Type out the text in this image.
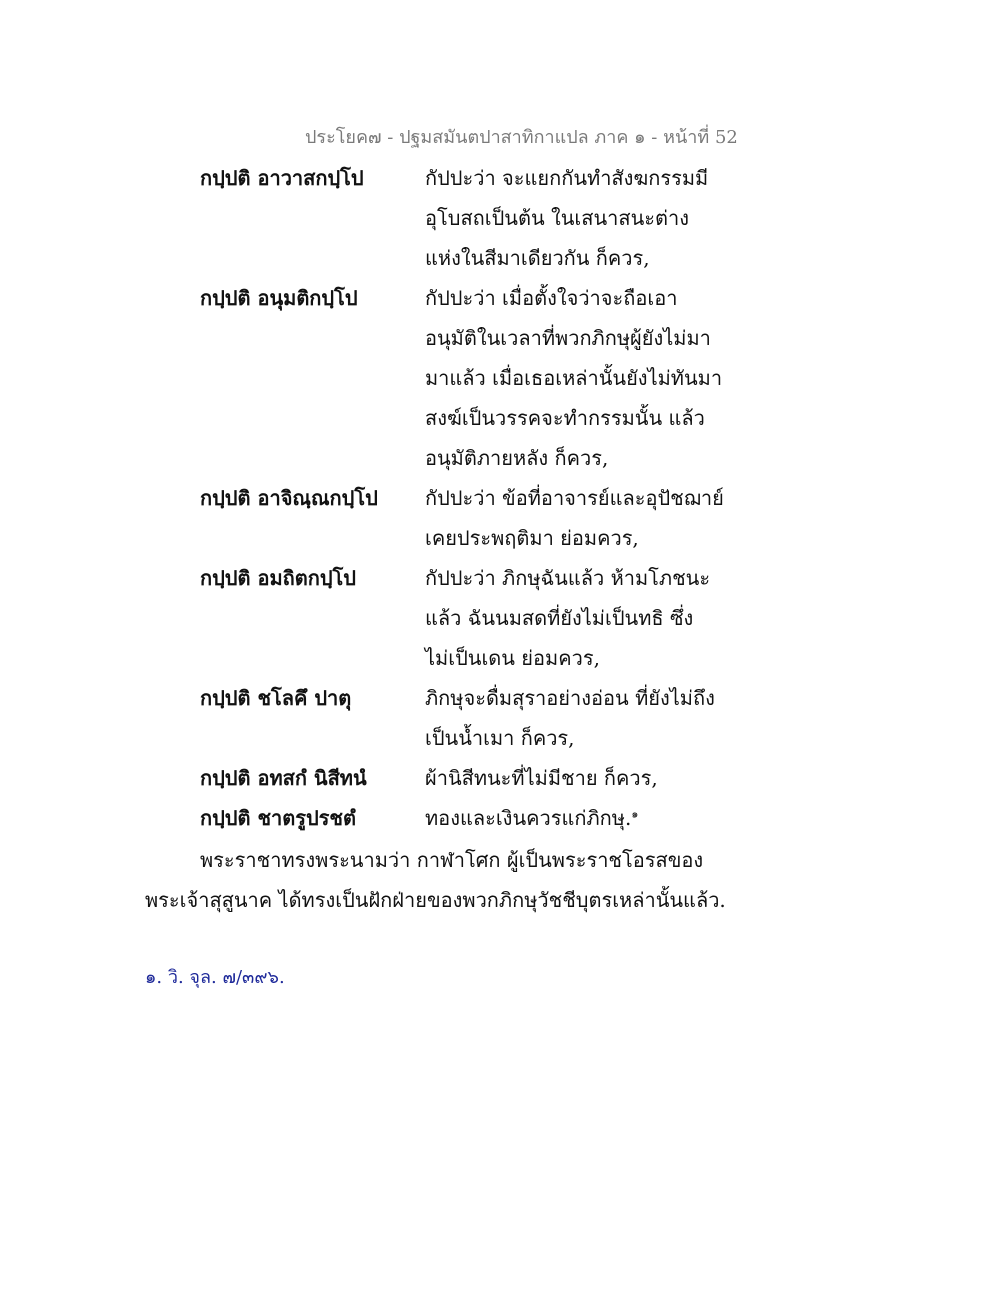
ประโยค๗ - ปฐมสมันตปาสาทิกาแปล ภาค ๑ - หน้าที่ 52
กปฺปติ อาวาสกปฺโป	กัปปะว่า จะแยกกันทำสังฆกรรมมี
อุโบสถเป็นต้น ในเสนาสนะต่าง
แห่งในสีมาเดียวกัน ก็ควร,
กปฺปติ อนุมติกปฺโป	กัปปะว่า เมื่อตั้งใจว่าจะถือเอา
อนุมัติในเวลาที่พวกภิกษุผู้ยังไม่มา
มาแล้ว เมื่อเธอเหล่านั้นยังไม่ทันมา
สงฆ์เป็นวรรคจะทำกรรมนั้น แล้ว
อนุมัติภายหลัง ก็ควร,
กปฺปติ อาจิณฺณกปฺโป กัปปะว่า ข้อที่อาจารย์และอุปัชฌาย์
เคยประพฤติมา ย่อมควร,
กปฺปติ อมถิตกปฺโป	กัปปะว่า ภิกษุฉันแล้ว ห้ามโภชนะ
แล้ว ฉันนมสดที่ยังไม่เป็นทธิ ซึ่ง
ไม่เป็นเดน ย่อมควร,
กปฺปติ ชโลคึ ปาตุ	ภิกษุจะดื่มสุราอย่างอ่อน ที่ยังไม่ถึง
เป็นน้ำเมา ก็ควร,
กปฺปติ อทสกํ นิสีทนํ	ผ้านิสีทนะที่ไม่มีชาย ก็ควร,
กปฺปติ ชาตรูปรชตํ	ทองและเงินควรแก่ภิกษุ.$^๑$
พระราชาทรงพระนามว่า กาฬาโศก ผู้เป็นพระราชโอรสของ
พระเจ้าสุสูนาค ได้ทรงเป็นฝักฝ่ายของพวกภิกษุวัชชีบุตรเหล่านั้นแล้ว.
๑. วิ. จุล. ๗/๓๙๖.
